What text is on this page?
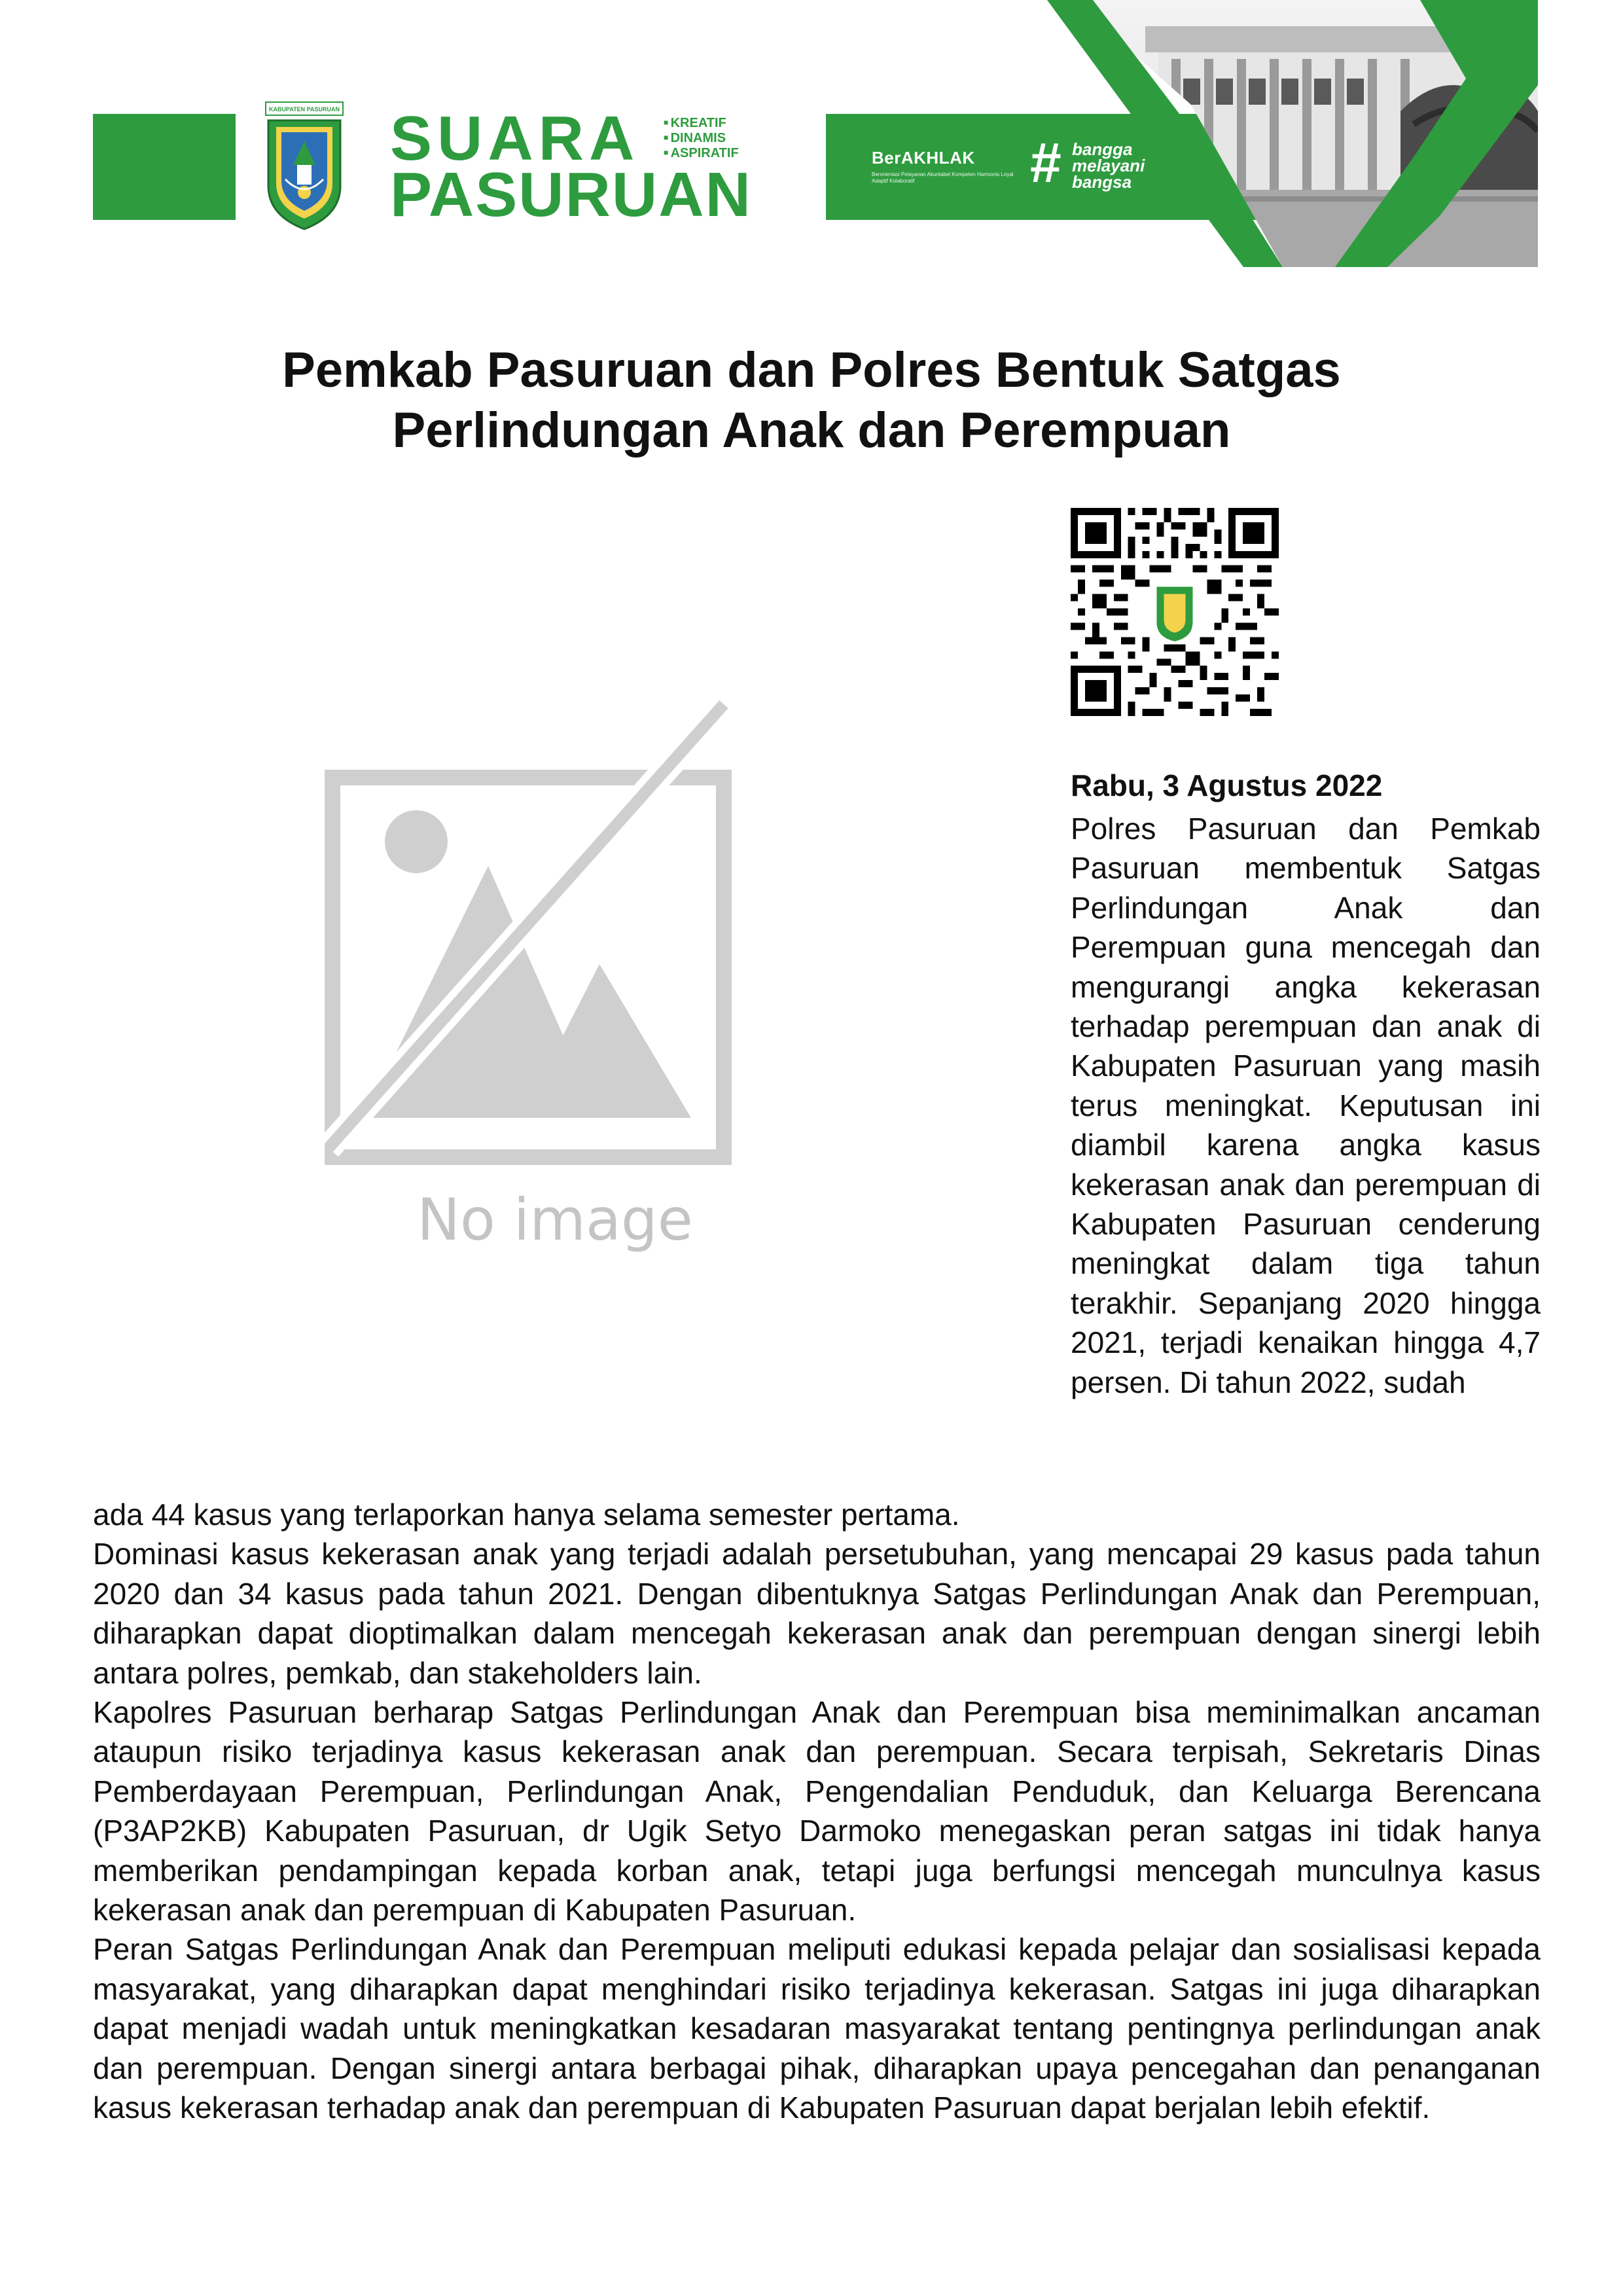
KABUPATEN PASURUAN SUARA
PASURUAN
■ KREATIF
■ DINAMIS
■ ASPIRATIF	BerAKHLAK
Berorientasi Pelayanan Akuntabel Kompeten Harmonis Loyal Adaptif Kolaboratif	# bangga
melayani
bangsa
Pemkab Pasuruan dan Polres Bentuk Satgas
Perlindungan Anak dan Perempuan
No image
Rabu, 3 Agustus 2022
Polres Pasuruan dan Pemkab Pasuruan membentuk Satgas Perlindungan Anak dan Perempuan guna mencegah dan mengurangi angka kekerasan terhadap perempuan dan anak di Kabupaten Pasuruan yang masih terus meningkat. Keputusan ini diambil karena angka kasus kekerasan anak dan perempuan di Kabupaten Pasuruan cenderung meningkat dalam tiga tahun terakhir. Sepanjang 2020 hingga 2021, terjadi kenaikan hingga 4,7 persen. Di tahun 2022, sudah

ada 44 kasus yang terlaporkan hanya selama semester pertama.

Dominasi kasus kekerasan anak yang terjadi adalah persetubuhan, yang mencapai 29 kasus pada tahun 2020 dan 34 kasus pada tahun 2021. Dengan dibentuknya Satgas Perlindungan Anak dan Perempuan, diharapkan dapat dioptimalkan dalam mencegah kekerasan anak dan perempuan dengan sinergi lebih antara polres, pemkab, dan stakeholders lain.

Kapolres Pasuruan berharap Satgas Perlindungan Anak dan Perempuan bisa meminimalkan ancaman ataupun risiko terjadinya kasus kekerasan anak dan perempuan. Secara terpisah, Sekretaris Dinas Pemberdayaan Perempuan, Perlindungan Anak, Pengendalian Penduduk, dan Keluarga Berencana (P3AP2KB) Kabupaten Pasuruan, dr Ugik Setyo Darmoko menegaskan peran satgas ini tidak hanya memberikan pendampingan kepada korban anak, tetapi juga berfungsi mencegah munculnya kasus kekerasan anak dan perempuan di Kabupaten Pasuruan.

Peran Satgas Perlindungan Anak dan Perempuan meliputi edukasi kepada pelajar dan sosialisasi kepada masyarakat, yang diharapkan dapat menghindari risiko terjadinya kekerasan. Satgas ini juga diharapkan dapat menjadi wadah untuk meningkatkan kesadaran masyarakat tentang pentingnya perlindungan anak dan perempuan. Dengan sinergi antara berbagai pihak, diharapkan upaya pencegahan dan penanganan kasus kekerasan terhadap anak dan perempuan di Kabupaten Pasuruan dapat berjalan lebih efektif.
